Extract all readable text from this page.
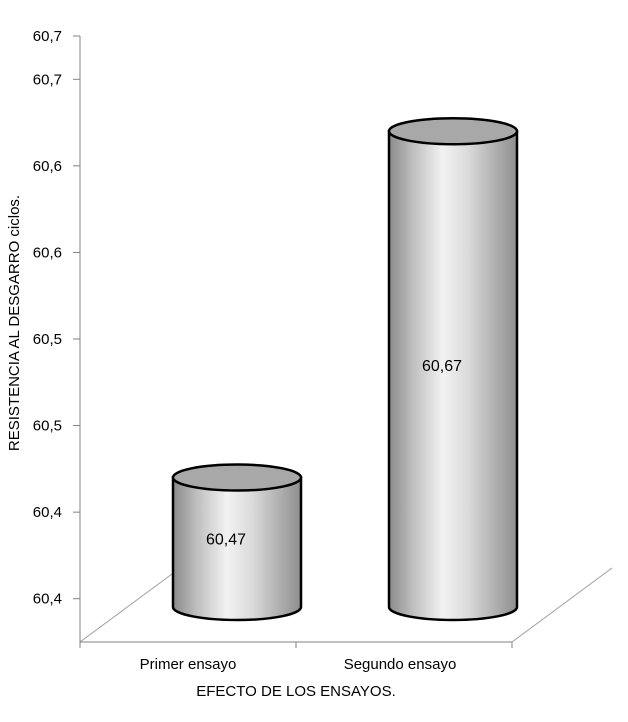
60,4
60,4
60,5
60,5
60,6
60,6
60,7
60,7
Primer ensayo	Segundo ensayo
60,47
60,67
RESISTENCIA AL DESGARRO ciclos.
EFECTO DE LOS ENSAYOS.
